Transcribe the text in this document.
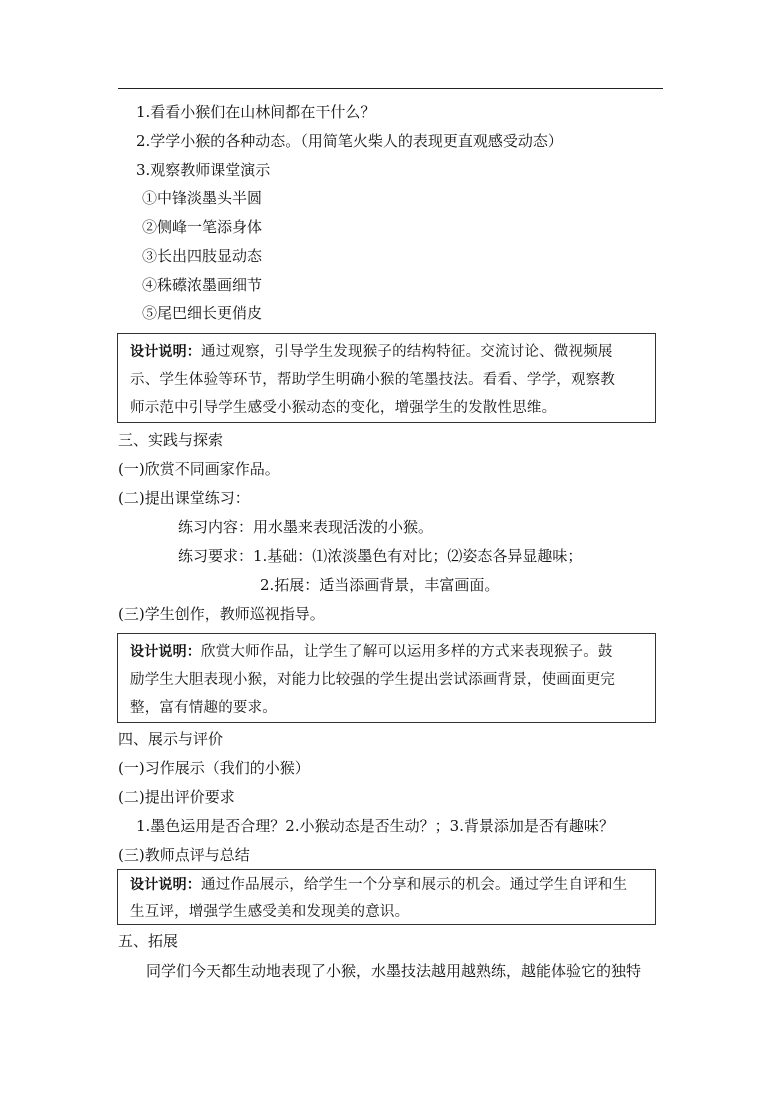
1.看看小猴们在山林间都在干什么？
2.学学小猴的各种动态。（用简笔火柴人的表现更直观感受动态）
3.观察教师课堂演示
①中锋淡墨头半圆
②侧峰一笔添身体
③长出四肢显动态
④秼礤浓墨画细节
⑤尾巴细长更俏皮
设计说明：通过观察，引导学生发现猴子的结构特征。交流讨论、微视频展
示、学生体验等环节，帮助学生明确小猴的笔墨技法。看看、学学，观察教
师示范中引导学生感受小猴动态的变化，增强学生的发散性思维。
三、实践与探索
(一)欣赏不同画家作品。
(二)提出课堂练习：
练习内容：用水墨来表现活泼的小猴。
练习要求：1.基础：⑴浓淡墨色有对比；⑵姿态各异显趣味；
2.拓展：适当添画背景，丰富画面。
(三)学生创作，教师巡视指导。
设计说明：欣赏大师作品，让学生了解可以运用多样的方式来表现猴子。鼓
励学生大胆表现小猴，对能力比较强的学生提出尝试添画背景，使画面更完
整，富有情趣的要求。
四、展示与评价
(一)习作展示（我们的小猴）
(二)提出评价要求
1.墨色运用是否合理？2.小猴动态是否生动？；3.背景添加是否有趣味？
(三)教师点评与总结
设计说明：通过作品展示，给学生一个分享和展示的机会。通过学生自评和生
生互评，增强学生感受美和发现美的意识。
五、拓展
同学们今天都生动地表现了小猴，水墨技法越用越熟练，越能体验它的独特
